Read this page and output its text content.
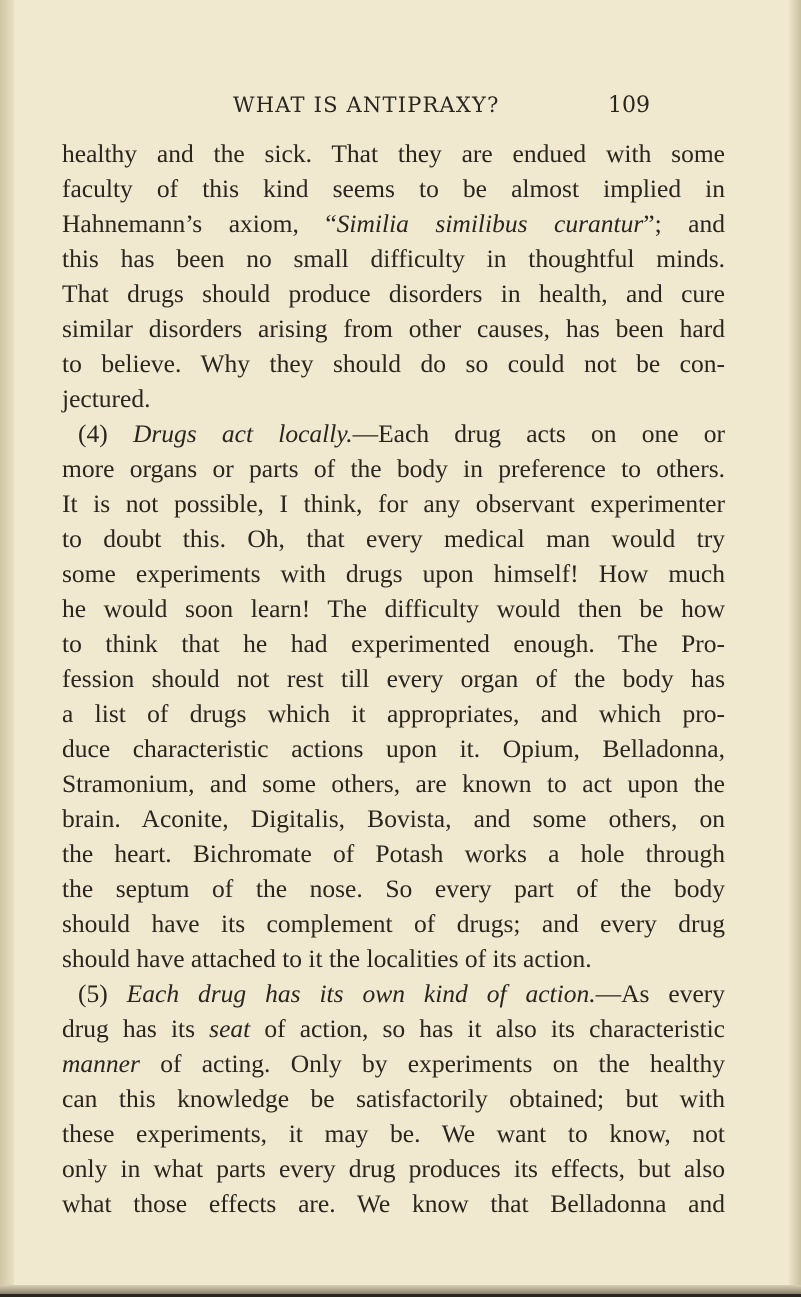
WHAT IS ANTIPRAXY?	109
healthy and the sick. That they are endued with some
faculty of this kind seems to be almost implied in
Hahnemann’s axiom, “Similia similibus curantur”; and
this has been no small difficulty in thoughtful minds.
That drugs should produce disorders in health, and cure
similar disorders arising from other causes, has been hard
to believe. Why they should do so could not be con-
jectured.
(4) Drugs act locally.—Each drug acts on one or
more organs or parts of the body in preference to others.
It is not possible, I think, for any observant experimenter
to doubt this. Oh, that every medical man would try
some experiments with drugs upon himself! How much
he would soon learn! The difficulty would then be how
to think that he had experimented enough. The Pro-
fession should not rest till every organ of the body has
a list of drugs which it appropriates, and which pro-
duce characteristic actions upon it. Opium, Belladonna,
Stramonium, and some others, are known to act upon the
brain. Aconite, Digitalis, Bovista, and some others, on
the heart. Bichromate of Potash works a hole through
the septum of the nose. So every part of the body
should have its complement of drugs; and every drug
should have attached to it the localities of its action.
(5) Each drug has its own kind of action.—As every
drug has its seat of action, so has it also its characteristic
manner of acting. Only by experiments on the healthy
can this knowledge be satisfactorily obtained; but with
these experiments, it may be. We want to know, not
only in what parts every drug produces its effects, but also
what those effects are. We know that Belladonna and
